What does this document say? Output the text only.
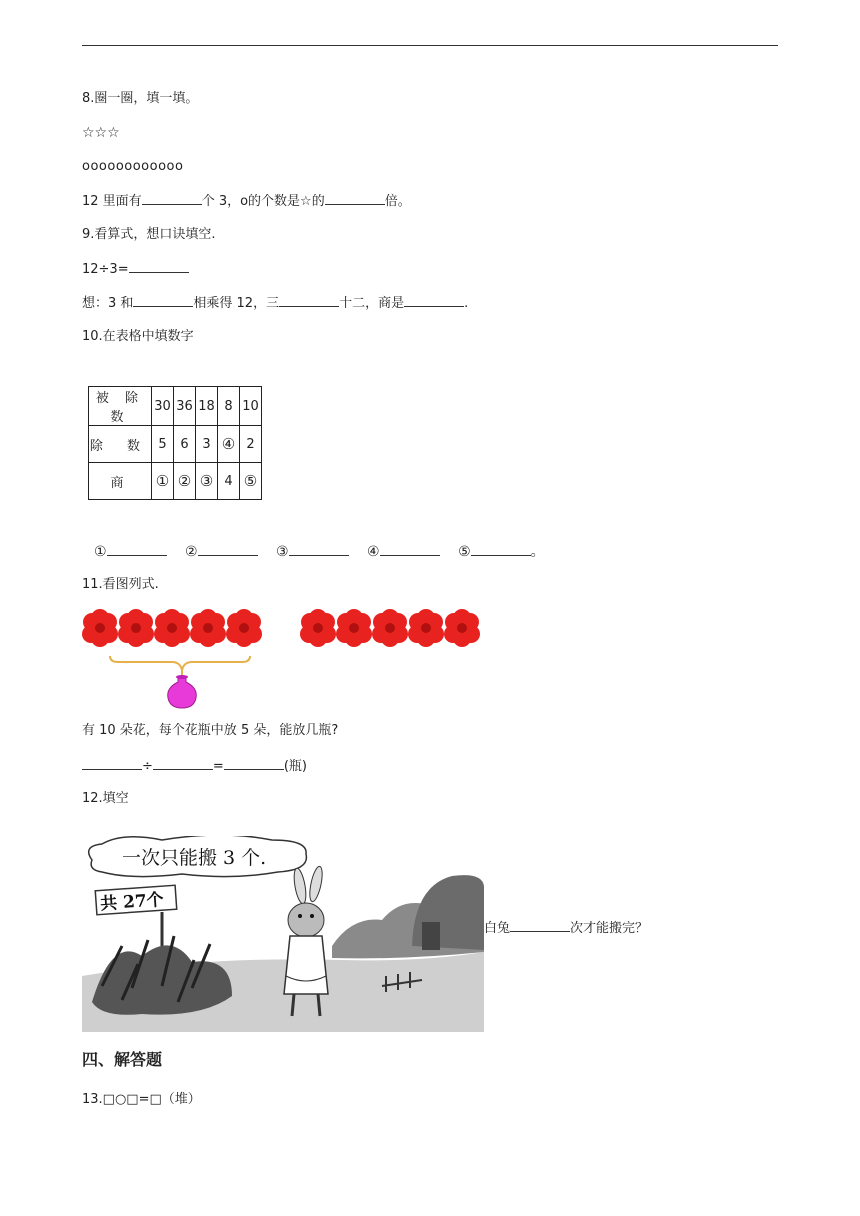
8.圈一圈，填一填。
☆☆☆
oooooooooooo
12 里面有	个 3，o的个数是☆的	倍。
9.看算式，想口诀填空.
12÷3=
想：3 和	相乘得 12，三	十二，商是	.
10.在表格中填数字
被 除 数	30	36	18	8	10
除 数	5	6	3	④	2
商	①	②	③	4	⑤
①	②	③	④	⑤	。
11.看图列式.
有 10 朵花，每个花瓶中放 5 朵，能放几瓶?
÷	=	(瓶)
12.填空
一次只能搬 3 个.
共 27个
白兔	次才能搬完？
四、解答题
13.□○□=□（堆）
